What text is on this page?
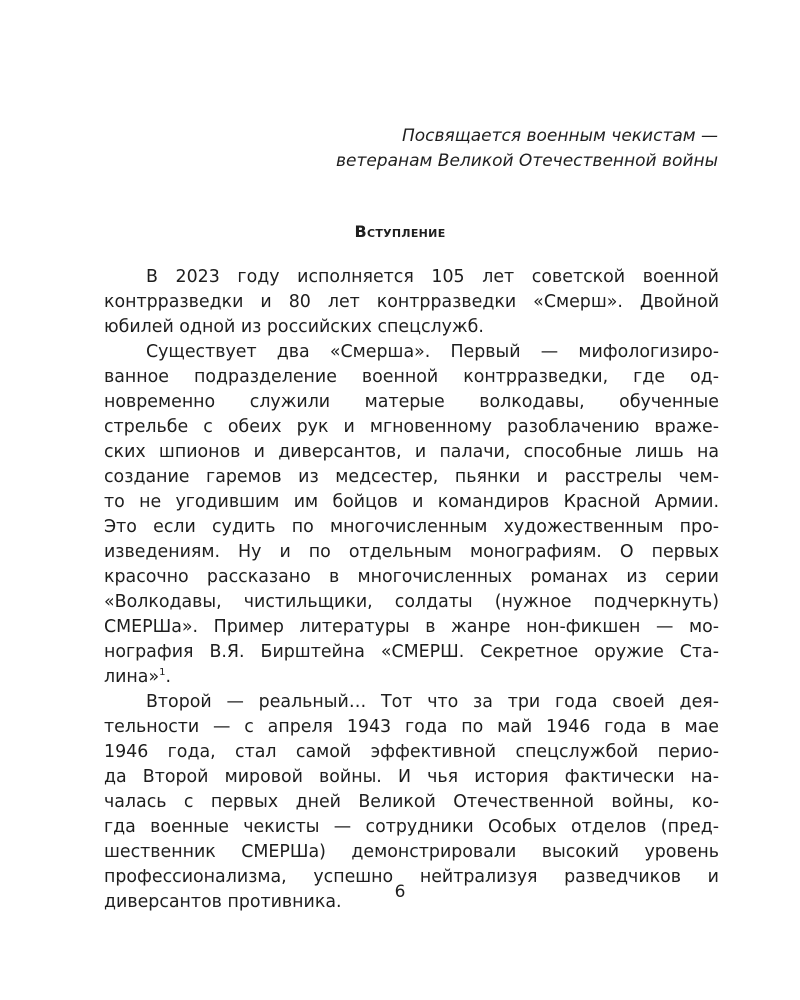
Посвящается военным чекистам —
ветеранам Великой Отечественной войны
Вступление

В 2023 году исполняется 105 лет советской военной
контрразведки и 80 лет контрразведки «Смерш». Двойной
юбилей одной из российских спецслужб.

Существует два «Смерша». Первый — мифологизиро-
ванное подразделение военной контрразведки, где од-
новременно служили матерые волкодавы, обученные
стрельбе с обеих рук и мгновенному разоблачению враже-
ских шпионов и диверсантов, и палачи, способные лишь на
создание гаремов из медсестер, пьянки и расстрелы чем-
то не угодившим им бойцов и командиров Красной Армии.
Это если судить по многочисленным художественным про-
изведениям. Ну и по отдельным монографиям. О первых
красочно рассказано в многочисленных романах из серии
«Волкодавы, чистильщики, солдаты (нужное подчеркнуть)
СМЕРШа». Пример литературы в жанре нон-фикшен — мо-
нография В.Я. Бирштейна «СМЕРШ. Секретное оружие Ста-
лина»$^1$.

Второй — реальный… Тот что за три года своей дея-
тельности — с апреля 1943 года по май 1946 года в мае
1946 года, стал самой эффективной спецслужбой перио-
да Второй мировой войны. И чья история фактически на-
чалась с первых дней Великой Отечественной войны, ко-
гда военные чекисты — сотрудники Особых отделов (пред-
шественник СМЕРШа) демонстрировали высокий уровень
профессионализма, успешно нейтрализуя разведчиков и
диверсантов противника.	6
